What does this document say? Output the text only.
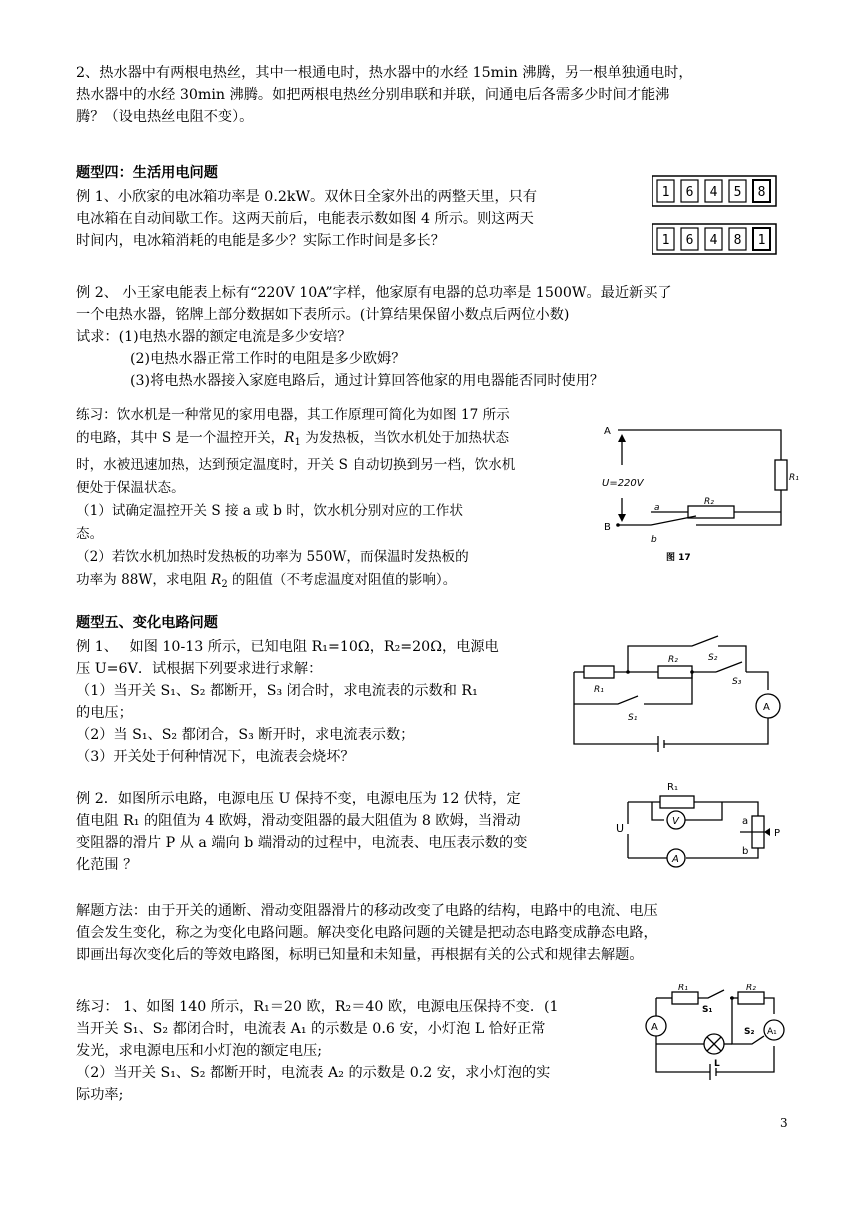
2、热水器中有两根电热丝，其中一根通电时，热水器中的水经 15min 沸腾，另一根单独通电时，

热水器中的水经 30min 沸腾。如把两根电热丝分别串联和并联，问通电后各需多少时间才能沸

腾？（设电热丝电阻不变）。

题型四：生活用电问题

例 1、小欣家的电冰箱功率是 0.2kW。双休日全家外出的两整天里，只有

电冰箱在自动间歇工作。这两天前后，电能表示数如图 4 所示。则这两天

时间内，电冰箱消耗的电能是多少？实际工作时间是多长？

1 6 4 5 8
1 6 4 8 1

例 2、 小王家电能表上标有“220V 10A”字样，他家原有电器的总功率是 1500W。最近新买了

一个电热水器，铭牌上部分数据如下表所示。(计算结果保留小数点后两位小数)

试求：(1)电热水器的额定电流是多少安培？

(2)电热水器正常工作时的电阻是多少欧姆？

(3)将电热水器接入家庭电路后，通过计算回答他家的用电器能否同时使用？

练习：饮水机是一种常见的家用电器，其工作原理可简化为如图 17 所示

的电路，其中 S 是一个温控开关，$R_1$ 为发热板，当饮水机处于加热状态

时，水被迅速加热，达到预定温度时，开关 S 自动切换到另一档，饮水机

便处于保温状态。

（1）试确定温控开关 S 接 a 或 b 时，饮水机分别对应的工作状

态。

（2）若饮水机加热时发热板的功率为 550W，而保温时发热板的

功率为 88W，求电阻 $R_2$ 的阻值（不考虑温度对阻值的影响）。

A
B
U=220V	R₁
R₂
a
b
图 17
题型五、变化电路问题

例 1、　 如图 10-13 所示，已知电阻 R₁=10Ω，R₂=20Ω，电源电

压 U=6V．试根据下列要求进行求解：

（1）当开关 S₁、S₂ 都断开，S₃ 闭合时，求电流表的示数和 R₁

的电压；

（2）当 S₁、S₂ 都闭合，S₃ 断开时，求电流表示数；

（3）开关处于何种情况下，电流表会烧坏？

R₁
R₂
S₁
S₂
S₃
A

例 2．如图所示电路，电源电压 U 保持不变，电源电压为 12 伏特，定

值电阻 R₁ 的阻值为 4 欧姆，滑动变阻器的最大阻值为 8 欧姆，当滑动

变阻器的滑片 P 从 a 端向 b 端滑动的过程中，电流表、电压表示数的变

化范围 ？

R₁
U
V
A
a
b
P

解题方法：由于开关的通断、滑动变阻器滑片的移动改变了电路的结构，电路中的电流、电压

值会发生变化，称之为变化电路问题。解决变化电路问题的关键是把动态电路变成静态电路，

即画出每次变化后的等效电路图，标明已知量和未知量，再根据有关的公式和规律去解题。

练习： 1、如图 140 所示，R₁＝20 欧，R₂＝40 欧，电源电压保持不变．(1

当开关 S₁、S₂ 都闭合时，电流表 A₁ 的示数是 0.6 安，小灯泡 L 恰好正常

发光，求电源电压和小灯泡的额定电压;

（2）当开关 S₁、S₂ 都断开时，电流表 A₂ 的示数是 0.2 安，求小灯泡的实

际功率;

R₁	R₂
S₁
S₂
A	A₁
L
3
